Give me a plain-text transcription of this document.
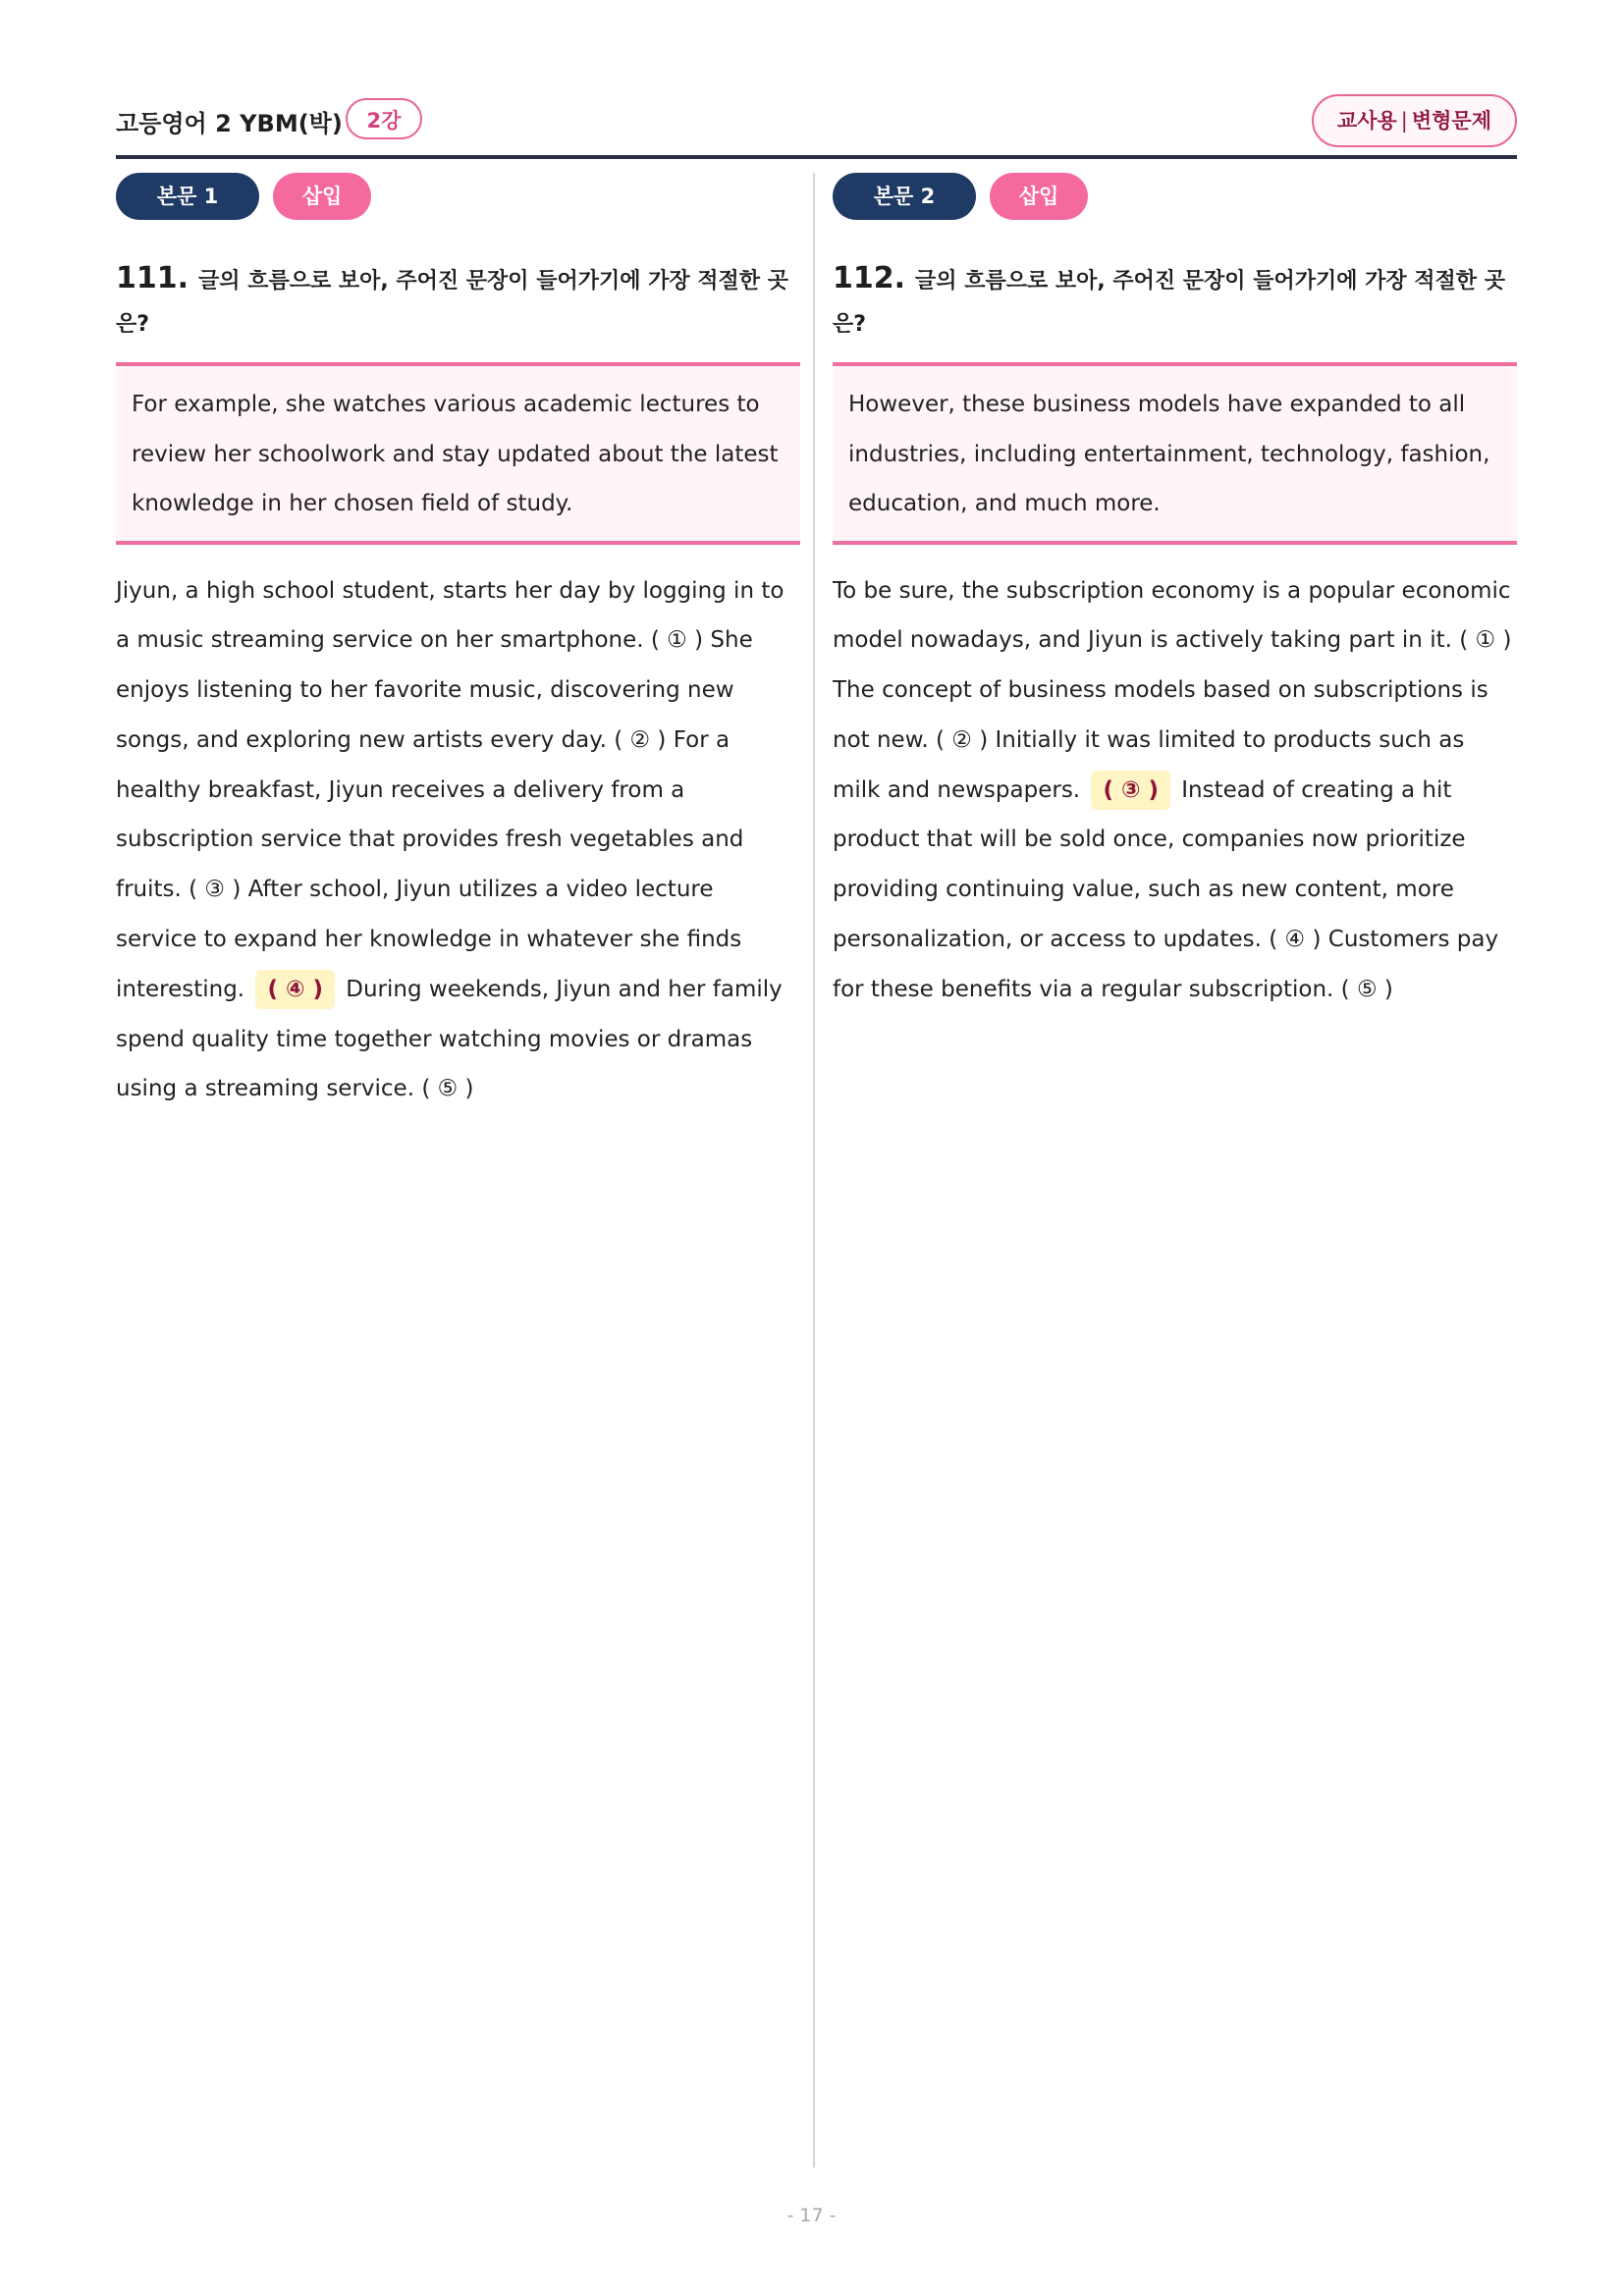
고등영어 2 YBM(박)	2강	교사용 | 변형문제
본문 1	삽입
111. 글의 흐름으로 보아, 주어진 문장이 들어가기에 가장 적절한 곳은?
For example, she watches various academic lectures to review her schoolwork and stay updated about the latest knowledge in her chosen field of study.
Jiyun, a high school student, starts her day by logging in to a music streaming service on her smartphone. ( ① ) She enjoys listening to her favorite music, discovering new songs, and exploring new artists every day. ( ② ) For a healthy breakfast, Jiyun receives a delivery from a subscription service that provides fresh vegetables and fruits. ( ③ ) After school, Jiyun utilizes a video lecture service to expand her knowledge in whatever she finds interesting. ( ④ ) During weekends, Jiyun and her family spend quality time together watching movies or dramas using a streaming service. ( ⑤ )
본문 2	삽입
112. 글의 흐름으로 보아, 주어진 문장이 들어가기에 가장 적절한 곳은?
However, these business models have expanded to all industries, including entertainment, technology, fashion, education, and much more.
To be sure, the subscription economy is a popular economic model nowadays, and Jiyun is actively taking part in it. ( ① ) The concept of business models based on subscriptions is not new. ( ② ) Initially it was limited to products such as milk and newspapers. ( ③ ) Instead of creating a hit product that will be sold once, companies now prioritize providing continuing value, such as new content, more personalization, or access to updates. ( ④ ) Customers pay for these benefits via a regular subscription. ( ⑤ )
- 17 -
